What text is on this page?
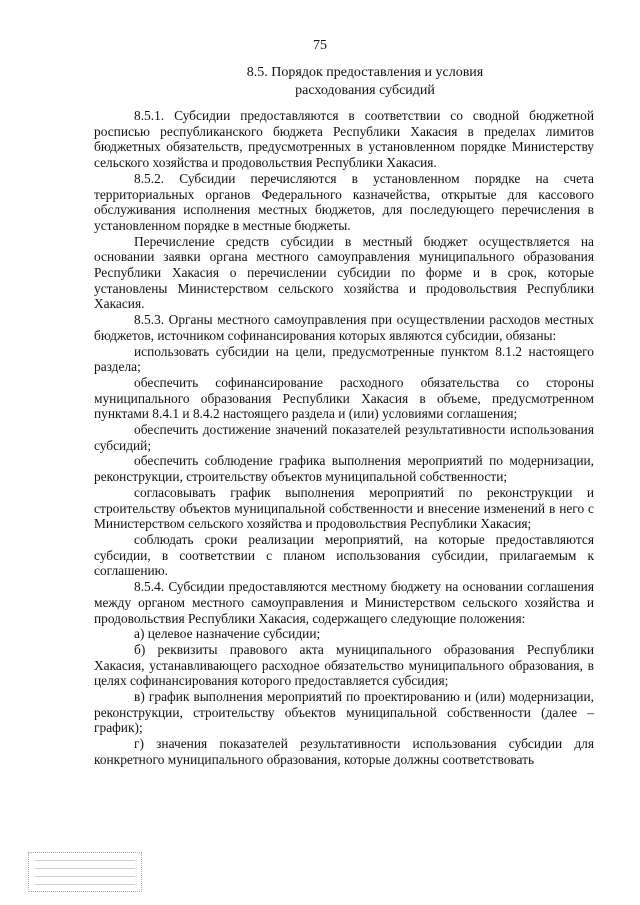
75
8.5. Порядок предоставления и условия
расходования субсидий

8.5.1. Субсидии предоставляются в соответствии со сводной бюджетной росписью республиканского бюджета Республики Хакасия в пределах лимитов бюджетных обязательств, предусмотренных в установленном порядке Министерству сельского хозяйства и продовольствия Республики Хакасия.

8.5.2. Субсидии перечисляются в установленном порядке на счета территориальных органов Федерального казначейства, открытые для кассового обслуживания исполнения местных бюджетов, для последующего перечисления в установленном порядке в местные бюджеты.

Перечисление средств субсидии в местный бюджет осуществляется на основании заявки органа местного самоуправления муниципального образования Республики Хакасия о перечислении субсидии по форме и в срок, которые установлены Министерством сельского хозяйства и продовольствия Республики Хакасия.

8.5.3. Органы местного самоуправления при осуществлении расходов местных бюджетов, источником софинансирования которых являются субсидии, обязаны:

использовать субсидии на цели, предусмотренные пунктом 8.1.2 настоящего раздела;

обеспечить софинансирование расходного обязательства со стороны муниципального образования Республики Хакасия в объеме, предусмотренном пунктами 8.4.1 и 8.4.2 настоящего раздела и (или) условиями соглашения;

обеспечить достижение значений показателей результативности использования субсидий;

обеспечить соблюдение графика выполнения мероприятий по модернизации, реконструкции, строительству объектов муниципальной собственности;

согласовывать график выполнения мероприятий по реконструкции и строительству объектов муниципальной собственности и внесение изменений в него с Министерством сельского хозяйства и продовольствия Республики Хакасия;

соблюдать сроки реализации мероприятий, на которые предоставляются субсидии, в соответствии с планом использования субсидии, прилагаемым к соглашению.

8.5.4. Субсидии предоставляются местному бюджету на основании соглашения между органом местного самоуправления и Министерством сельского хозяйства и продовольствия Республики Хакасия, содержащего следующие положения:

а) целевое назначение субсидии;

б) реквизиты правового акта муниципального образования Республики Хакасия, устанавливающего расходное обязательство муниципального образования, в целях софинансирования которого предоставляется субсидия;

в) график выполнения мероприятий по проектированию и (или) модернизации, реконструкции, строительству объектов муниципальной собственности (далее – график);

г) значения показателей результативности использования субсидии для конкретного муниципального образования, которые должны соответствовать
